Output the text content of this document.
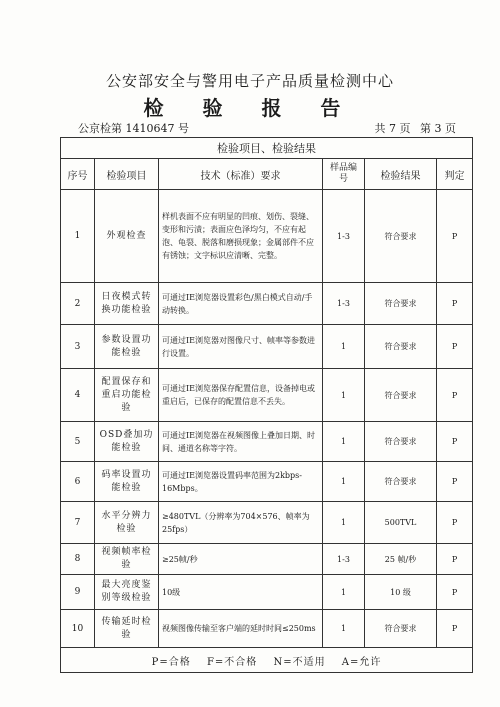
公安部安全与警用电子产品质量检测中心
检 验 报 告
公京检第 1410647 号	共 7 页 第 3 页
检验项目、检验结果					
序号	检验项目	技术（标准）要求	样品编号	检验结果	判定
1	外观检查	样机表面不应有明显的凹痕、划伤、裂缝、变形和污渍；表面应色泽均匀，不应有起泡、龟裂、脱落和磨损现象；金属部件不应有锈蚀；文字标识应清晰、完整。	1-3	符合要求	P
2	日夜模式转换功能检验	可通过IE浏览器设置彩色/黑白模式自动/手动转换。	1-3	符合要求	P
3	参数设置功能检验	可通过IE浏览器对图像尺寸、帧率等参数进行设置。	1	符合要求	P
4	配置保存和重启功能检验	可通过IE浏览器保存配置信息，设备掉电或重启后，已保存的配置信息不丢失。	1	符合要求	P
5	OSD叠加功能检验	可通过IE浏览器在视频图像上叠加日期、时间、通道名称等字符。	1	符合要求	P
6	码率设置功能检验	可通过IE浏览器设置码率范围为2kbps-16Mbps。	1	符合要求	P
7	水平分辨力检验	≥480TVL（分辨率为704×576、帧率为25fps）	1	500TVL	P
8	视频帧率检验	≥25帧/秒	1-3	25 帧/秒	P
9	最大亮度鉴别等级检验	10级	1	10 级	P
10	传输延时检验	视频图像传输至客户端的延时时间≤250ms	1	符合要求	P
P=合格 F=不合格 N=不适用 A=允许					
